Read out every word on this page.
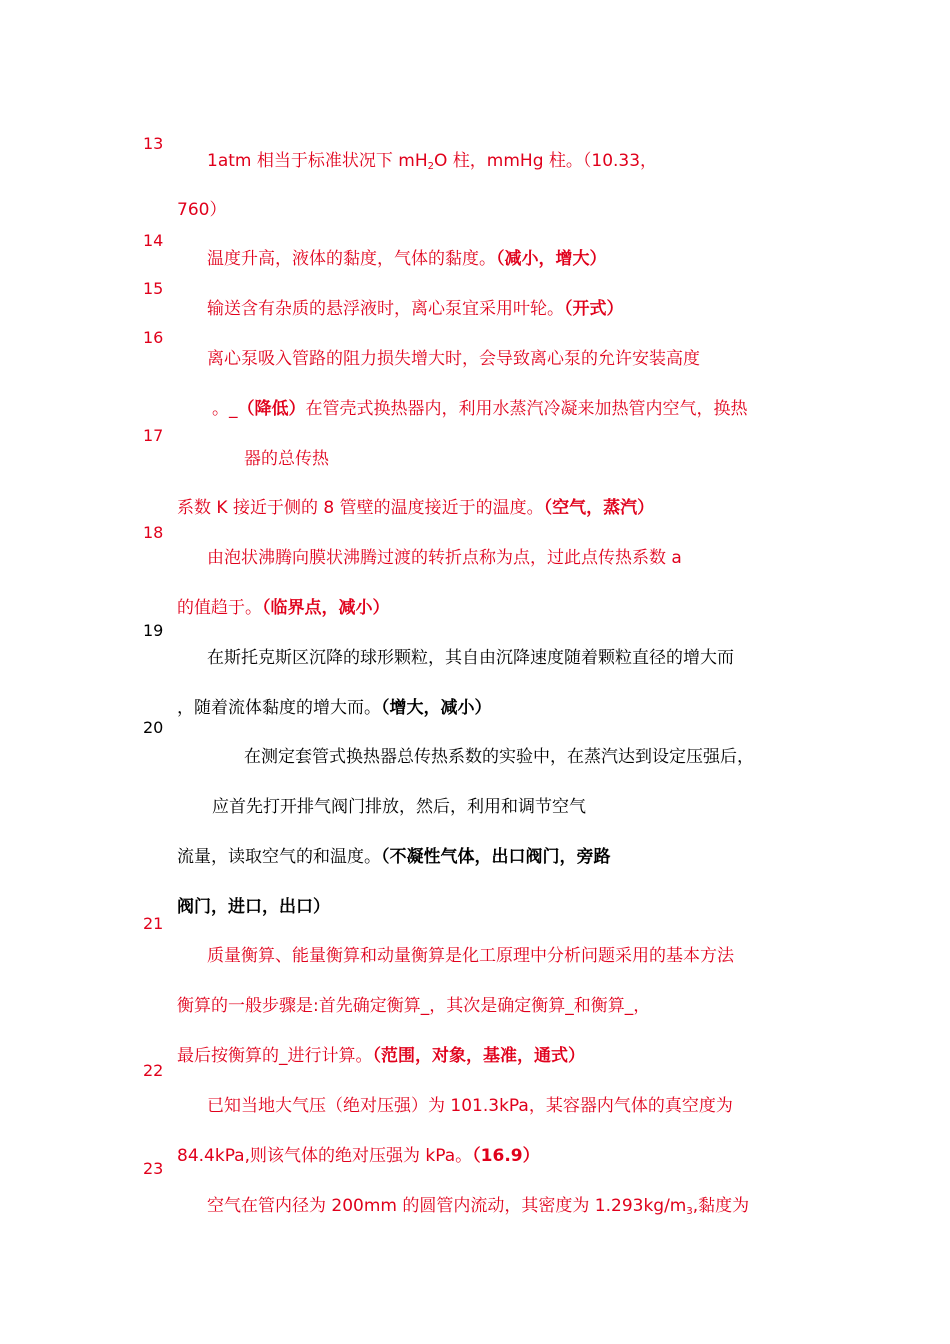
13
14
15
16
17
18
19
20
21
22
23
1atm 相当于标准状况下 $mH_2O$ 柱，mmHg 柱。（10.33，
760）
温度升高，液体的黏度，气体的黏度。（减小，增大）
输送含有杂质的悬浮液时，离心泵宜采用叶轮。（开式）
离心泵吸入管路的阻力损失增大时，会导致离心泵的允许安装高度
。_（降低）在管壳式换热器内，利用水蒸汽冷凝来加热管内空气，换热
器的总传热
系数 K 接近于侧的 8 管壁的温度接近于的温度。（空气，蒸汽）
由泡状沸腾向膜状沸腾过渡的转折点称为点，过此点传热系数 a
的值趋于。（临界点，减小）
在斯托克斯区沉降的球形颗粒，其自由沉降速度随着颗粒直径的增大而
，随着流体黏度的增大而。（增大，减小）
在测定套管式换热器总传热系数的实验中，在蒸汽达到设定压强后，
应首先打开排气阀门排放，然后，利用和调节空气
流量，读取空气的和温度。（不凝性气体，出口阀门，旁路
阀门，进口，出口）
质量衡算、能量衡算和动量衡算是化工原理中分析问题采用的基本方法
衡算的一般步骤是:首先确定衡算_，其次是确定衡算_和衡算_，
最后按衡算的_进行计算。（范围，对象，基准，通式）
已知当地大气压（绝对压强）为 101.3kPa，某容器内气体的真空度为
84.4kPa,则该气体的绝对压强为 kPa。（16.9）
空气在管内径为 200mm 的圆管内流动，其密度为 $1.293kg/m_3$,黏度为
